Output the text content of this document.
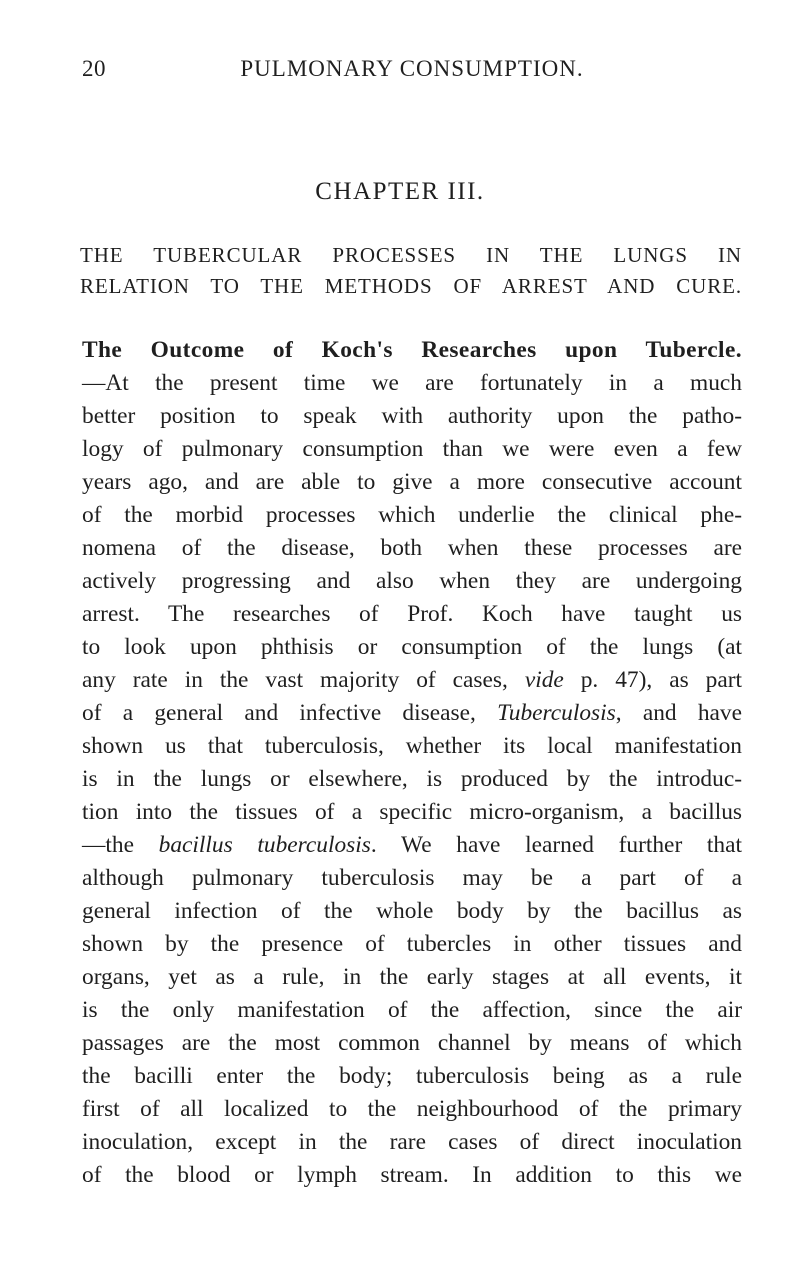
20	PULMONARY CONSUMPTION.
CHAPTER III.
THE TUBERCULAR PROCESSES IN THE LUNGS IN
RELATION TO THE METHODS OF ARREST AND CURE.
The Outcome of Koch's Researches upon Tubercle.
—At the present time we are fortunately in a much
better position to speak with authority upon the patho-
logy of pulmonary consumption than we were even a few
years ago, and are able to give a more consecutive account
of the morbid processes which underlie the clinical phe-
nomena of the disease, both when these processes are
actively progressing and also when they are undergoing
arrest. The researches of Prof. Koch have taught us
to look upon phthisis or consumption of the lungs (at
any rate in the vast majority of cases, vide p. 47), as part
of a general and infective disease, Tuberculosis, and have
shown us that tuberculosis, whether its local manifestation
is in the lungs or elsewhere, is produced by the introduc-
tion into the tissues of a specific micro-organism, a bacillus
—the bacillus tuberculosis. We have learned further that
although pulmonary tuberculosis may be a part of a
general infection of the whole body by the bacillus as
shown by the presence of tubercles in other tissues and
organs, yet as a rule, in the early stages at all events, it
is the only manifestation of the affection, since the air
passages are the most common channel by means of which
the bacilli enter the body; tuberculosis being as a rule
first of all localized to the neighbourhood of the primary
inoculation, except in the rare cases of direct inoculation
of the blood or lymph stream. In addition to this we
